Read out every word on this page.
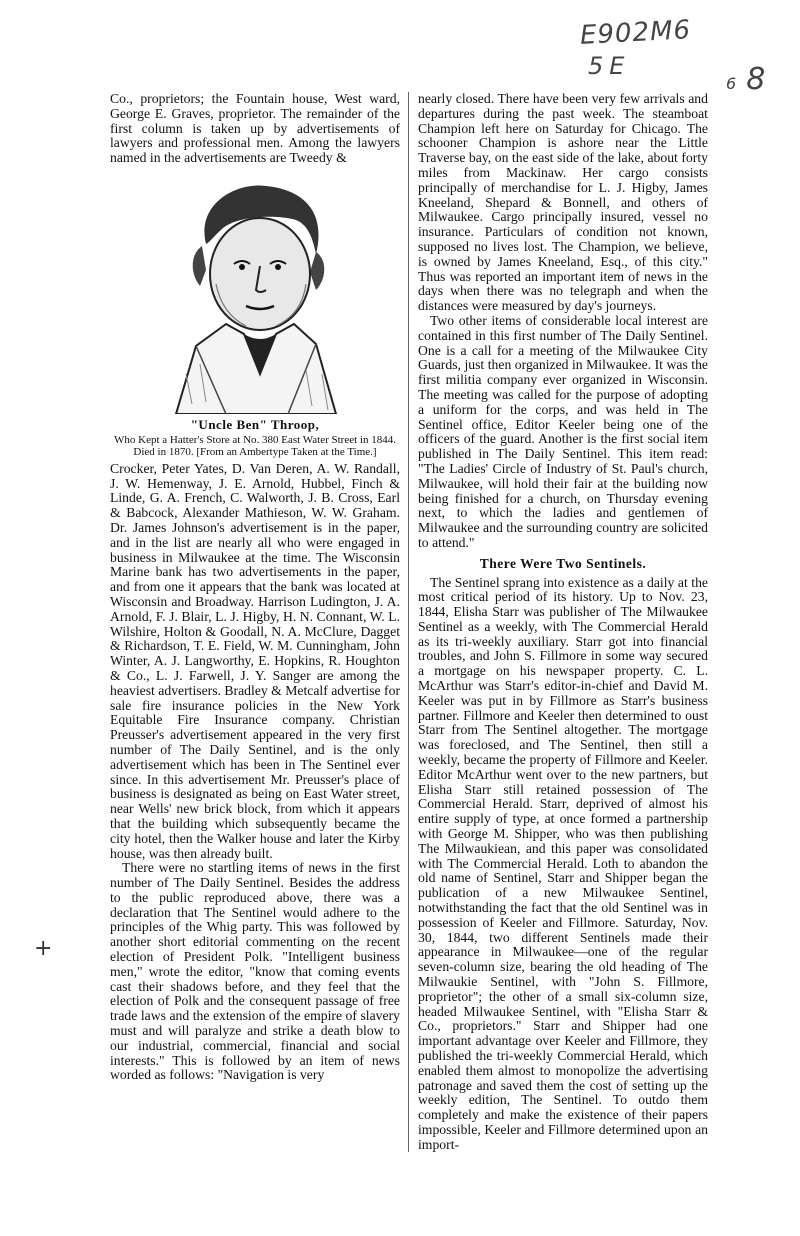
E902M6
5E
6 8
+

Co., proprietors; the Fountain house, West ward, George E. Graves, proprietor. The remainder of the first column is taken up by advertisements of lawyers and professional men. Among the lawyers named in the advertisements are Tweedy &

"Uncle Ben" Throop,
Who Kept a Hatter's Store at No. 380 East Water Street in 1844. Died in 1870. [From an Ambertype Taken at the Time.]

Crocker, Peter Yates, D. Van Deren, A. W. Randall, J. W. Hemenway, J. E. Arnold, Hubbel, Finch & Linde, G. A. French, C. Walworth, J. B. Cross, Earl & Babcock, Alexander Mathieson, W. W. Graham. Dr. James Johnson's advertisement is in the paper, and in the list are nearly all who were engaged in business in Milwaukee at the time. The Wisconsin Marine bank has two advertisements in the paper, and from one it appears that the bank was located at Wisconsin and Broadway. Harrison Ludington, J. A. Arnold, F. J. Blair, L. J. Higby, H. N. Connant, W. L. Wilshire, Holton & Goodall, N. A. McClure, Dagget & Richardson, T. E. Field, W. M. Cunningham, John Winter, A. J. Langworthy, E. Hopkins, R. Houghton & Co., L. J. Farwell, J. Y. Sanger are among the heaviest advertisers. Bradley & Metcalf advertise for sale fire insurance policies in the New York Equitable Fire Insurance company. Christian Preusser's advertisement appeared in the very first number of The Daily Sentinel, and is the only advertisement which has been in The Sentinel ever since. In this advertisement Mr. Preusser's place of business is designated as being on East Water street, near Wells' new brick block, from which it appears that the building which subsequently became the city hotel, then the Walker house and later the Kirby house, was then already built.

There were no startling items of news in the first number of The Daily Sentinel. Besides the address to the public reproduced above, there was a declaration that The Sentinel would adhere to the principles of the Whig party. This was followed by another short editorial commenting on the recent election of President Polk. "Intelligent business men," wrote the editor, "know that coming events cast their shadows before, and they feel that the election of Polk and the consequent passage of free trade laws and the extension of the empire of slavery must and will paralyze and strike a death blow to our industrial, commercial, financial and social interests." This is followed by an item of news worded as follows: "Navigation is very

nearly closed. There have been very few arrivals and departures during the past week. The steamboat Champion left here on Saturday for Chicago. The schooner Champion is ashore near the Little Traverse bay, on the east side of the lake, about forty miles from Mackinaw. Her cargo consists principally of merchandise for L. J. Higby, James Kneeland, Shepard & Bonnell, and others of Milwaukee. Cargo principally insured, vessel no insurance. Particulars of condition not known, supposed no lives lost. The Champion, we believe, is owned by James Kneeland, Esq., of this city." Thus was reported an important item of news in the days when there was no telegraph and when the distances were measured by day's journeys.

Two other items of considerable local interest are contained in this first number of The Daily Sentinel. One is a call for a meeting of the Milwaukee City Guards, just then organized in Milwaukee. It was the first militia company ever organized in Wisconsin. The meeting was called for the purpose of adopting a uniform for the corps, and was held in The Sentinel office, Editor Keeler being one of the officers of the guard. Another is the first social item published in The Daily Sentinel. This item read: "The Ladies' Circle of Industry of St. Paul's church, Milwaukee, will hold their fair at the building now being finished for a church, on Thursday evening next, to which the ladies and gentlemen of Milwaukee and the surrounding country are solicited to attend."

There Were Two Sentinels.

The Sentinel sprang into existence as a daily at the most critical period of its history. Up to Nov. 23, 1844, Elisha Starr was publisher of The Milwaukee Sentinel as a weekly, with The Commercial Herald as its tri-weekly auxiliary. Starr got into financial troubles, and John S. Fillmore in some way secured a mortgage on his newspaper property. C. L. McArthur was Starr's editor-in-chief and David M. Keeler was put in by Fillmore as Starr's business partner. Fillmore and Keeler then determined to oust Starr from The Sentinel altogether. The mortgage was foreclosed, and The Sentinel, then still a weekly, became the property of Fillmore and Keeler. Editor McArthur went over to the new partners, but Elisha Starr still retained possession of The Commercial Herald. Starr, deprived of almost his entire supply of type, at once formed a partnership with George M. Shipper, who was then publishing The Milwaukiean, and this paper was consolidated with The Commercial Herald. Loth to abandon the old name of Sentinel, Starr and Shipper began the publication of a new Milwaukee Sentinel, notwithstanding the fact that the old Sentinel was in possession of Keeler and Fillmore. Saturday, Nov. 30, 1844, two different Sentinels made their appearance in Milwaukee—one of the regular seven-column size, bearing the old heading of The Milwaukie Sentinel, with "John S. Fillmore, proprietor"; the other of a small six-column size, headed Milwaukee Sentinel, with "Elisha Starr & Co., proprietors." Starr and Shipper had one important advantage over Keeler and Fillmore, they published the tri-weekly Commercial Herald, which enabled them almost to monopolize the advertising patronage and saved them the cost of setting up the weekly edition, The Sentinel. To outdo them completely and make the existence of their papers impossible, Keeler and Fillmore determined upon an import-
